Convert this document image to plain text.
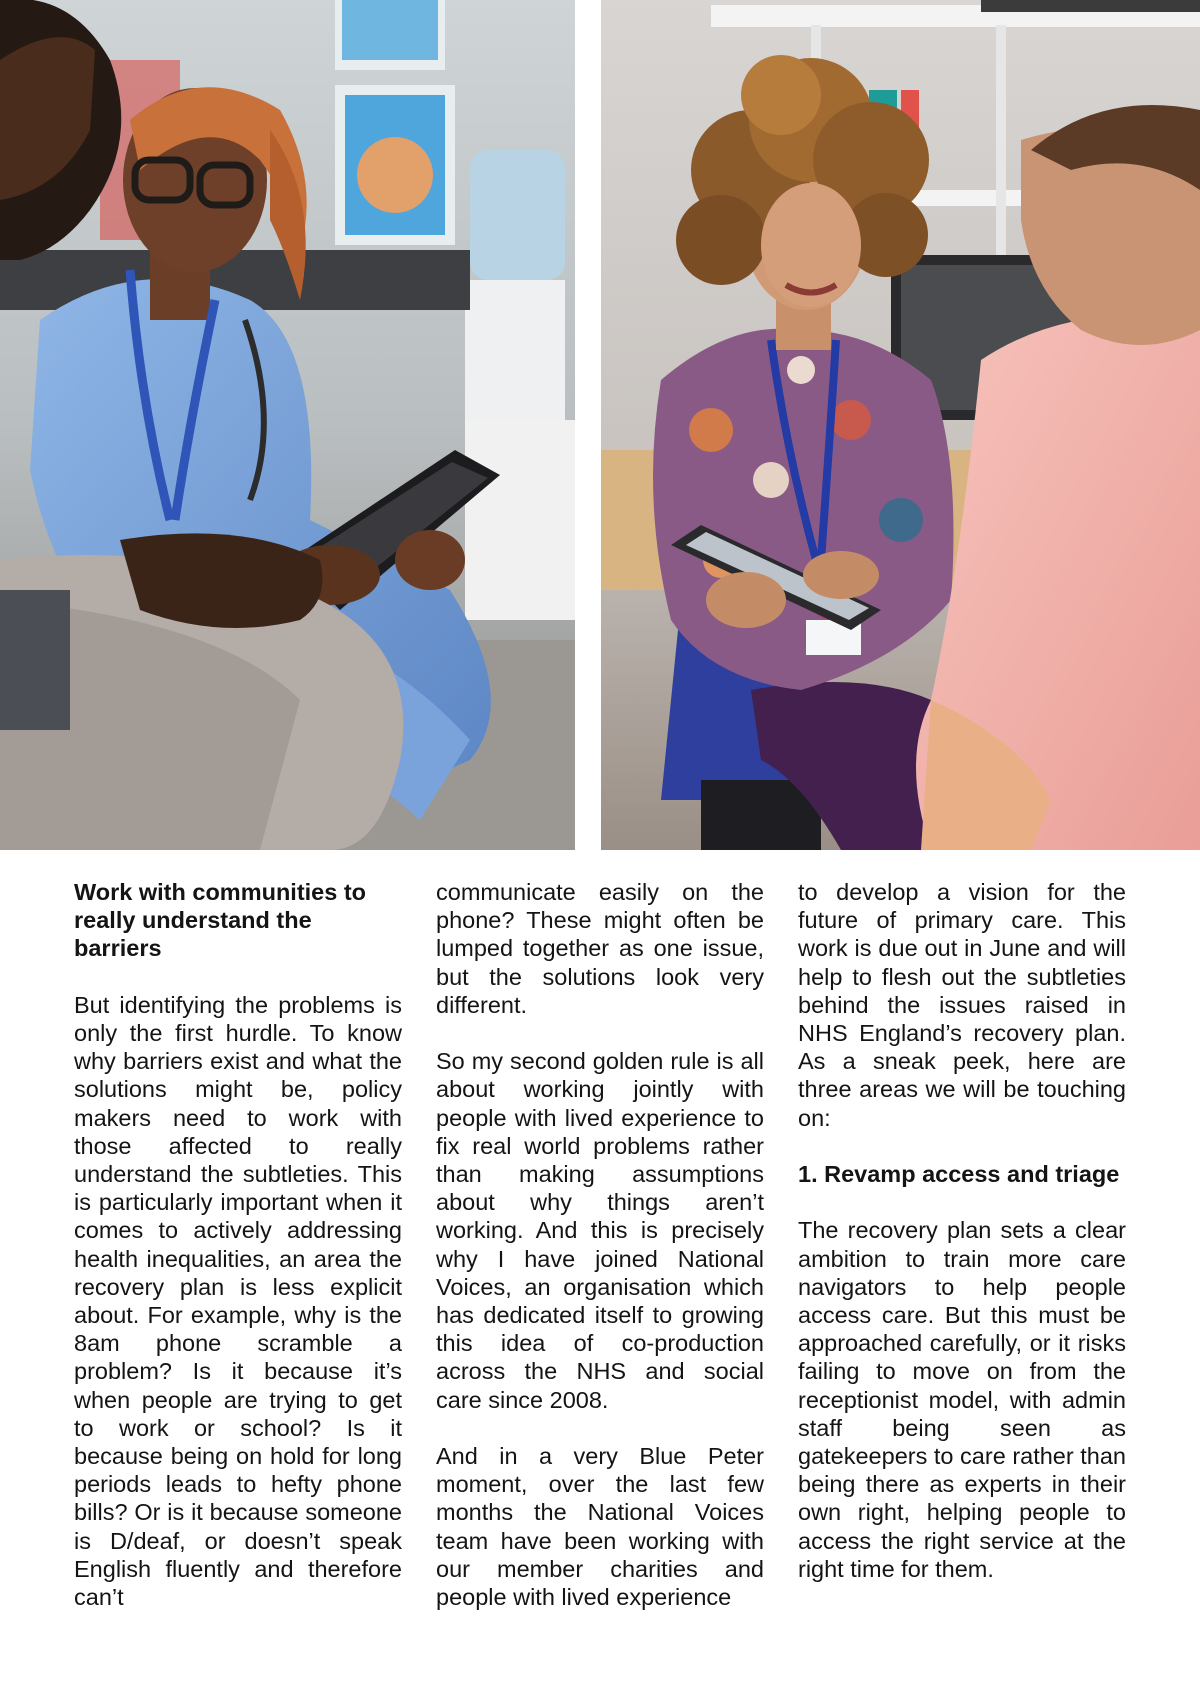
Work with communities to really understand the barriers

But identifying the problems is only the first hurdle. To know why barriers exist and what the solutions might be, policy makers need to work with those affected to really understand the subtleties. This is particularly important when it comes to actively addressing health inequalities, an area the recovery plan is less explicit about. For example, why is the 8am phone scramble a problem? Is it because it’s when people are trying to get to work or school? Is it because being on hold for long periods leads to hefty phone bills? Or is it because someone is D/deaf, or doesn’t speak English fluently and therefore can’t

communicate easily on the phone? These might often be lumped together as one issue, but the solutions look very different.

So my second golden rule is all about working jointly with people with lived experience to fix real world problems rather than making assumptions about why things aren’t working. And this is precisely why I have joined National Voices, an organisation which has dedicated itself to growing this idea of co-production across the NHS and social care since 2008.

And in a very Blue Peter moment, over the last few months the National Voices team have been working with our member charities and people with lived experience

to develop a vision for the future of primary care. This work is due out in June and will help to flesh out the subtleties behind the issues raised in NHS England’s recovery plan. As a sneak peek, here are three areas we will be touching on:

1. Revamp access and triage

The recovery plan sets a clear ambition to train more care navigators to help people access care. But this must be approached carefully, or it risks failing to move on from the receptionist model, with admin staff being seen as gatekeepers to care rather than being there as experts in their own right, helping people to access the right service at the right time for them.
